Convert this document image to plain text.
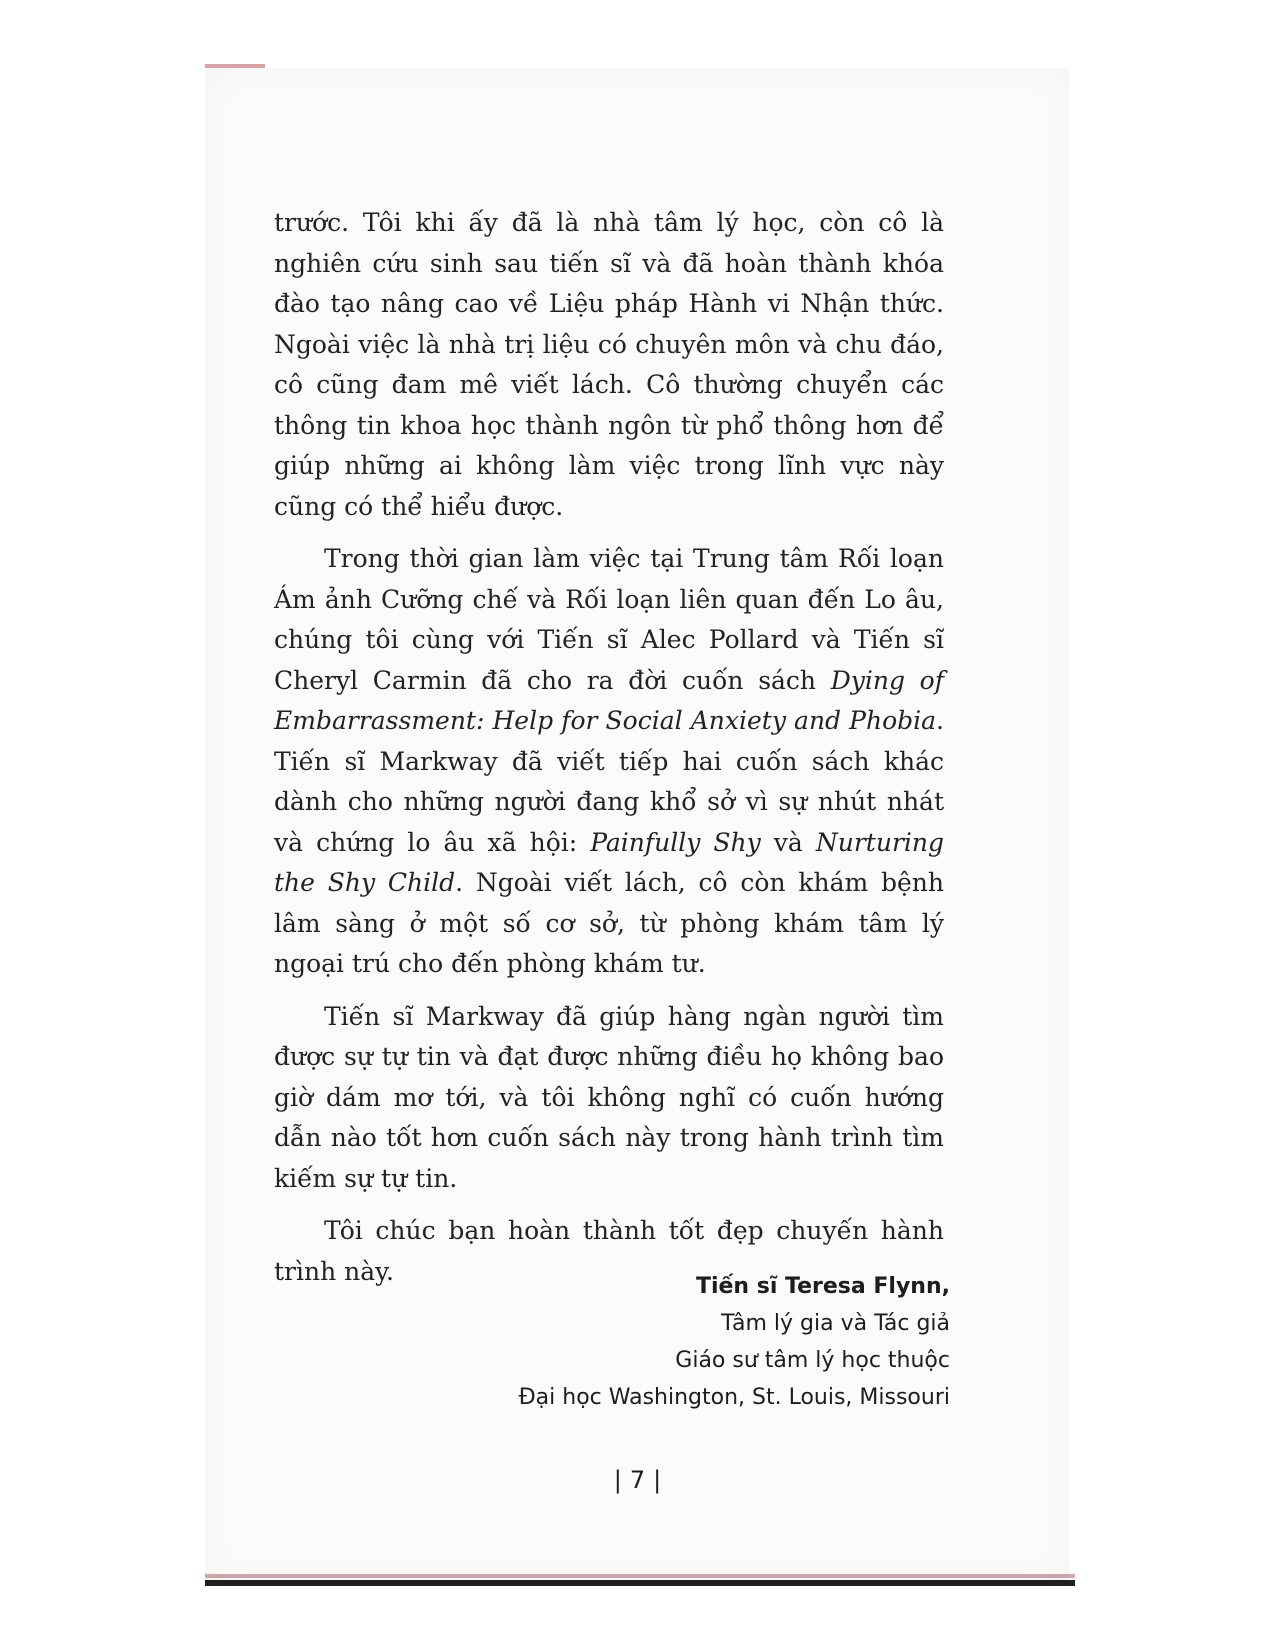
trước. Tôi khi ấy đã là nhà tâm lý học, còn cô là nghiên cứu sinh sau tiến sĩ và đã hoàn thành khóa đào tạo nâng cao về Liệu pháp Hành vi Nhận thức. Ngoài việc là nhà trị liệu có chuyên môn và chu đáo, cô cũng đam mê viết lách. Cô thường chuyển các thông tin khoa học thành ngôn từ phổ thông hơn để giúp những ai không làm việc trong lĩnh vực này cũng có thể hiểu được.

Trong thời gian làm việc tại Trung tâm Rối loạn Ám ảnh Cưỡng chế và Rối loạn liên quan đến Lo âu, chúng tôi cùng với Tiến sĩ Alec Pollard và Tiến sĩ Cheryl Carmin đã cho ra đời cuốn sách Dying of Embarrassment: Help for Social Anxiety and Phobia. Tiến sĩ Markway đã viết tiếp hai cuốn sách khác dành cho những người đang khổ sở vì sự nhút nhát và chứng lo âu xã hội: Painfully Shy và Nurturing the Shy Child. Ngoài viết lách, cô còn khám bệnh lâm sàng ở một số cơ sở, từ phòng khám tâm lý ngoại trú cho đến phòng khám tư.

Tiến sĩ Markway đã giúp hàng ngàn người tìm được sự tự tin và đạt được những điều họ không bao giờ dám mơ tới, và tôi không nghĩ có cuốn hướng dẫn nào tốt hơn cuốn sách này trong hành trình tìm kiếm sự tự tin.

Tôi chúc bạn hoàn thành tốt đẹp chuyến hành trình này.

Tiến sĩ Teresa Flynn,
Tâm lý gia và Tác giả
Giáo sư tâm lý học thuộc
Đại học Washington, St. Louis, Missouri
| 7 |
